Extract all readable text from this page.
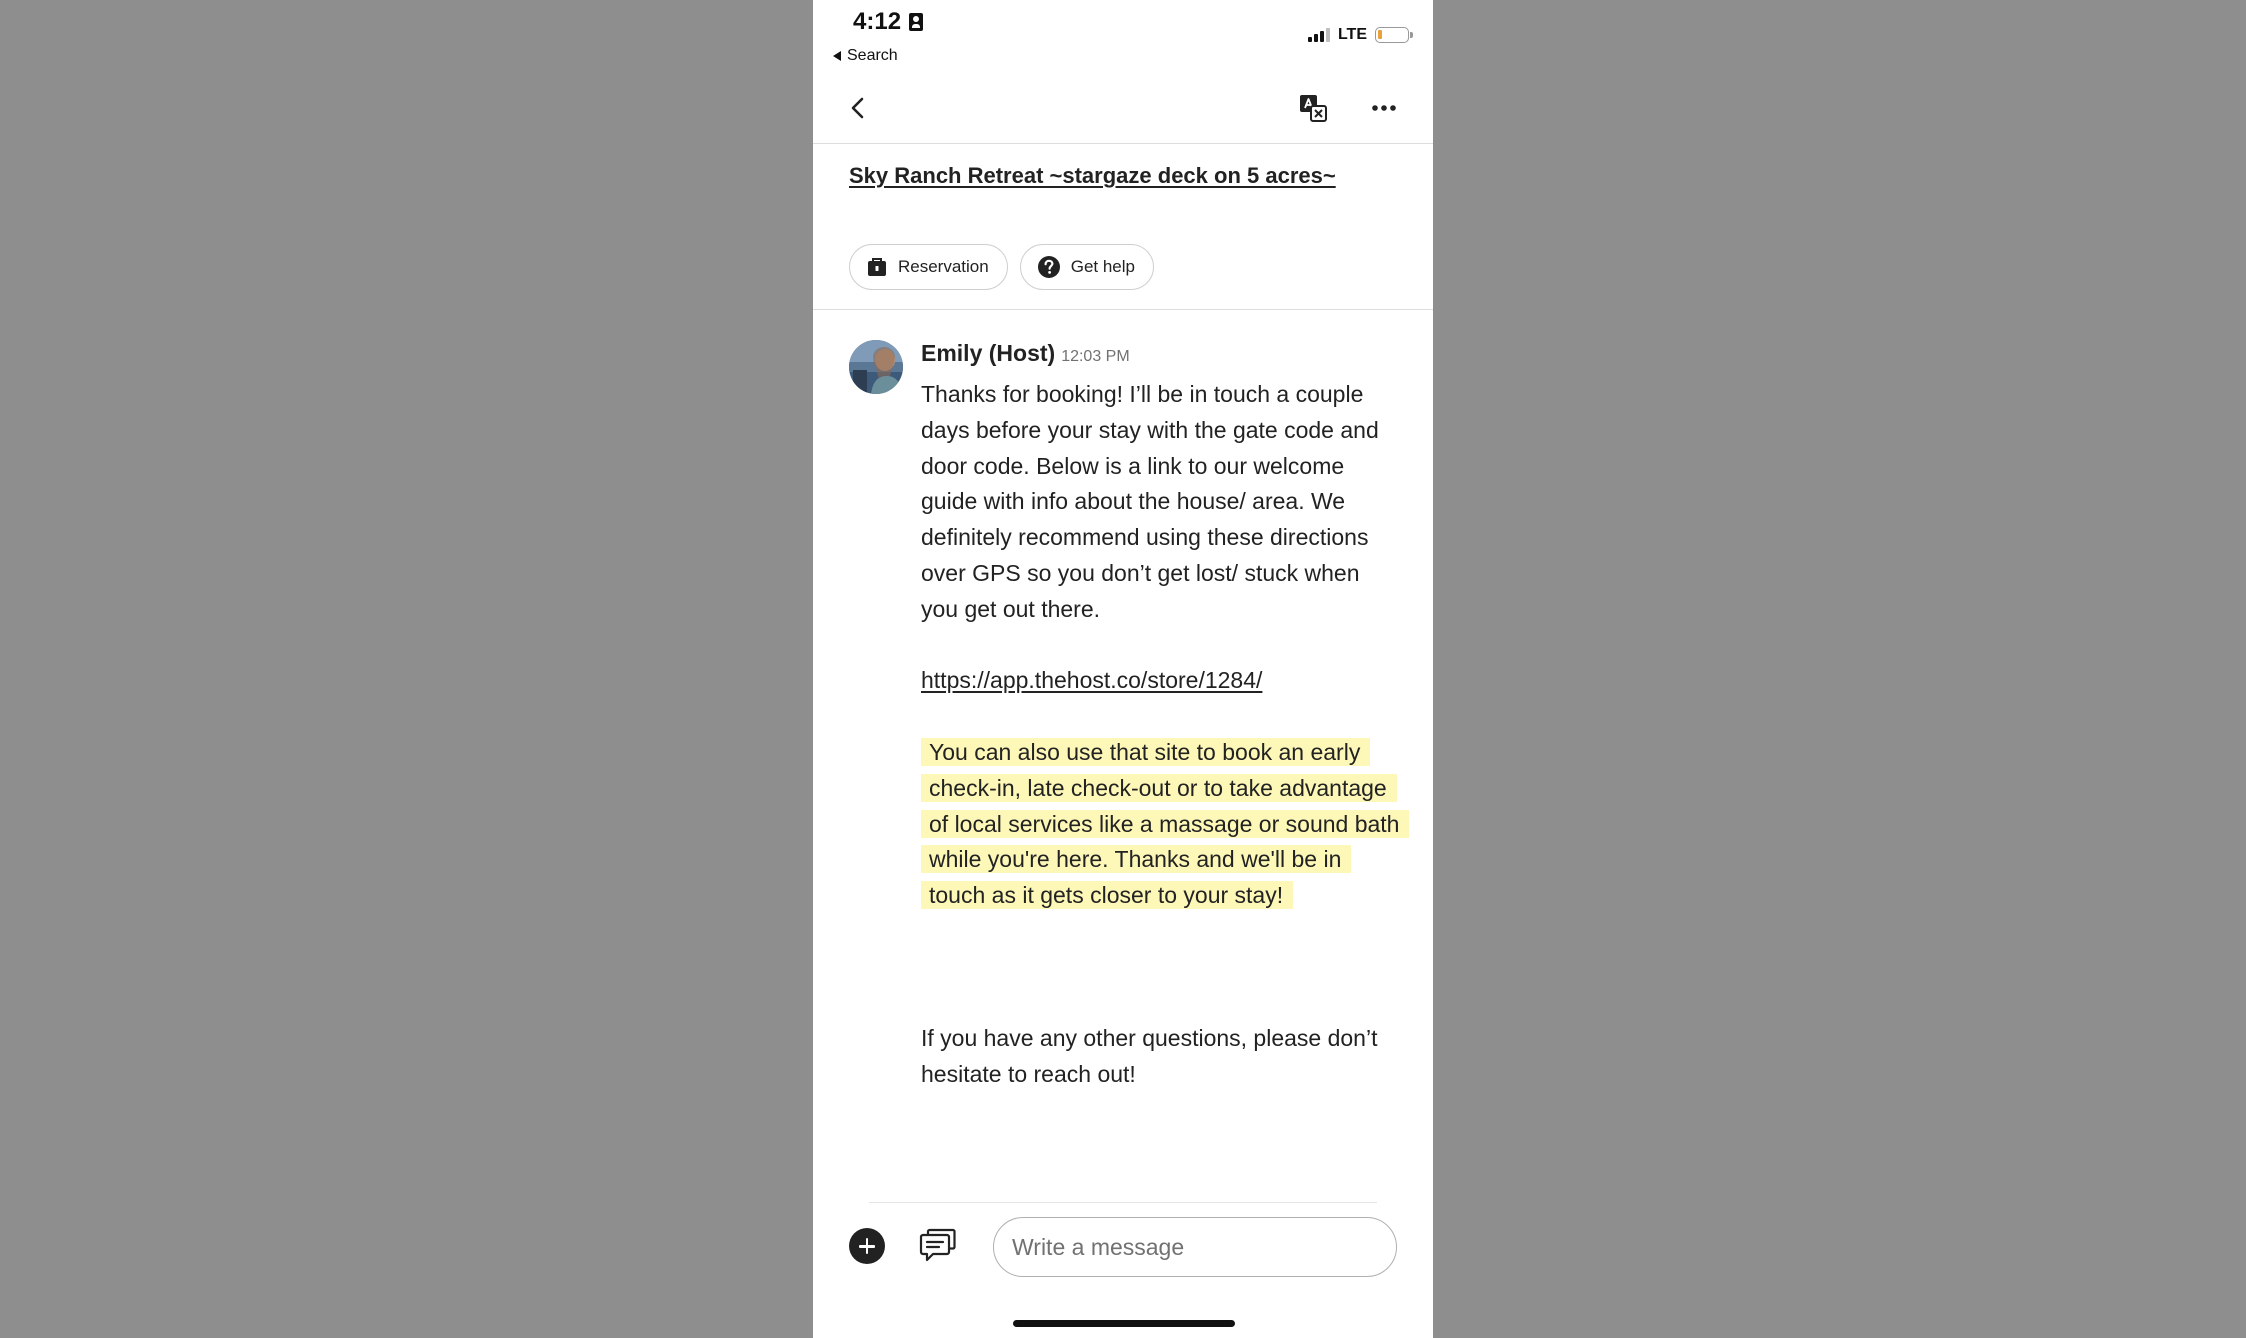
4:12
Search
LTE
Sky Ranch Retreat ~stargaze deck on 5 acres~
Reservation	Get help
Emily (Host) 12:03 PM

Thanks for booking! I’ll be in touch a couple days before your stay with the gate code and door code. Below is a link to our welcome guide with info about the house/ area. We definitely recommend using these directions over GPS so you don’t get lost/ stuck when you get out there.

https://app.thehost.co/store/1284/

You can also use that site to book an early check-in, late check-out or to take advantage of local services like a massage or sound bath while you're here. Thanks and we'll be in touch as it gets closer to your stay!

If you have any other questions, please don’t hesitate to reach out!

Write a message
